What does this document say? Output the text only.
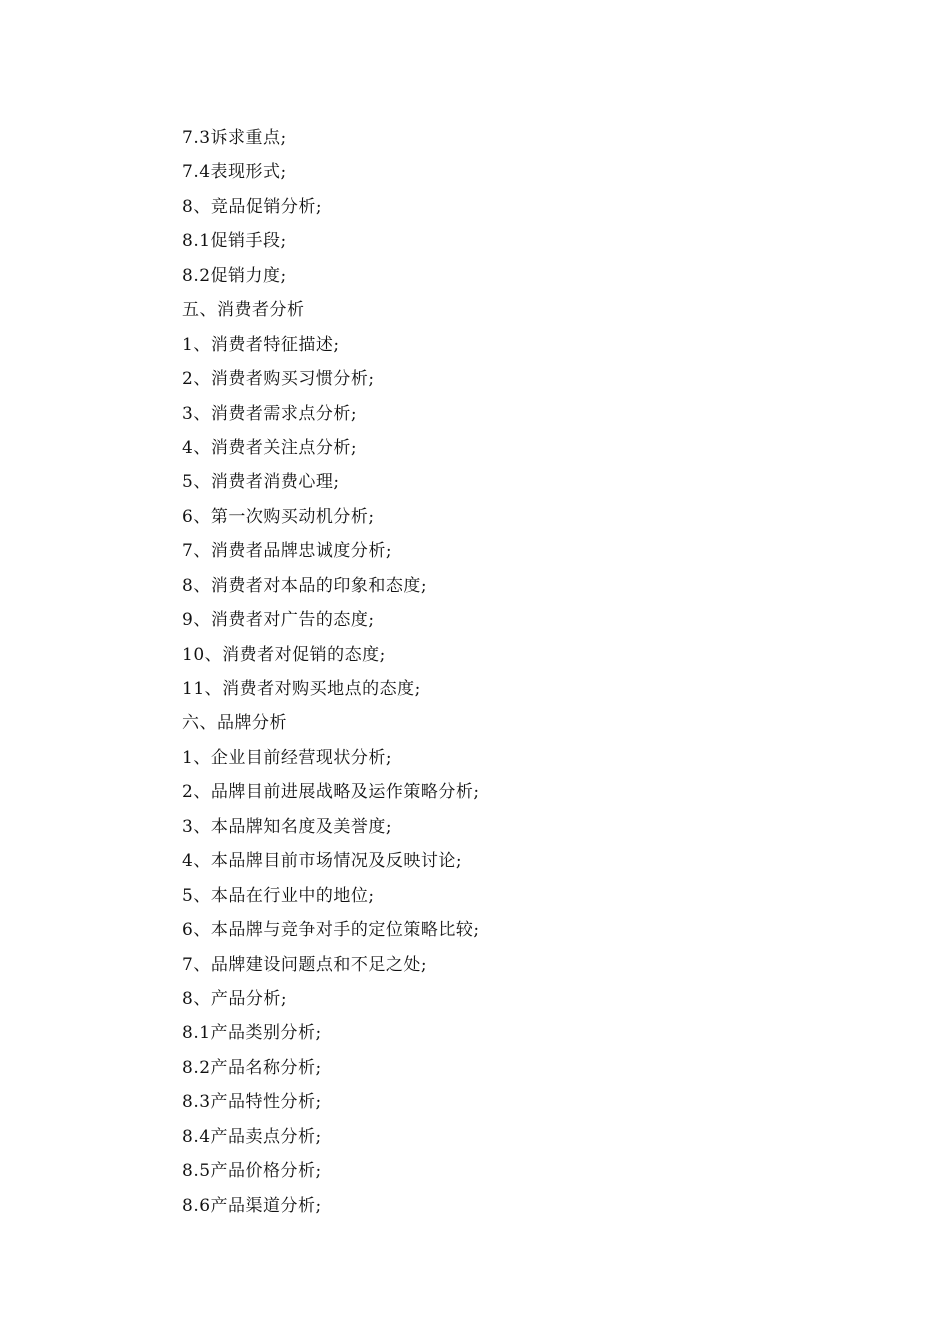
7.3诉求重点;
7.4表现形式;
8、竞品促销分析;
8.1促销手段;
8.2促销力度;
五、消费者分析
1、消费者特征描述;
2、消费者购买习惯分析;
3、消费者需求点分析;
4、消费者关注点分析;
5、消费者消费心理;
6、第一次购买动机分析;
7、消费者品牌忠诚度分析;
8、消费者对本品的印象和态度;
9、消费者对广告的态度;
10、消费者对促销的态度;
11、消费者对购买地点的态度;
六、品牌分析
1、企业目前经营现状分析;
2、品牌目前进展战略及运作策略分析;
3、本品牌知名度及美誉度;
4、本品牌目前市场情况及反映讨论;
5、本品在行业中的地位;
6、本品牌与竞争对手的定位策略比较;
7、品牌建设问题点和不足之处;
8、产品分析;
8.1产品类别分析;
8.2产品名称分析;
8.3产品特性分析;
8.4产品卖点分析;
8.5产品价格分析;
8.6产品渠道分析;
